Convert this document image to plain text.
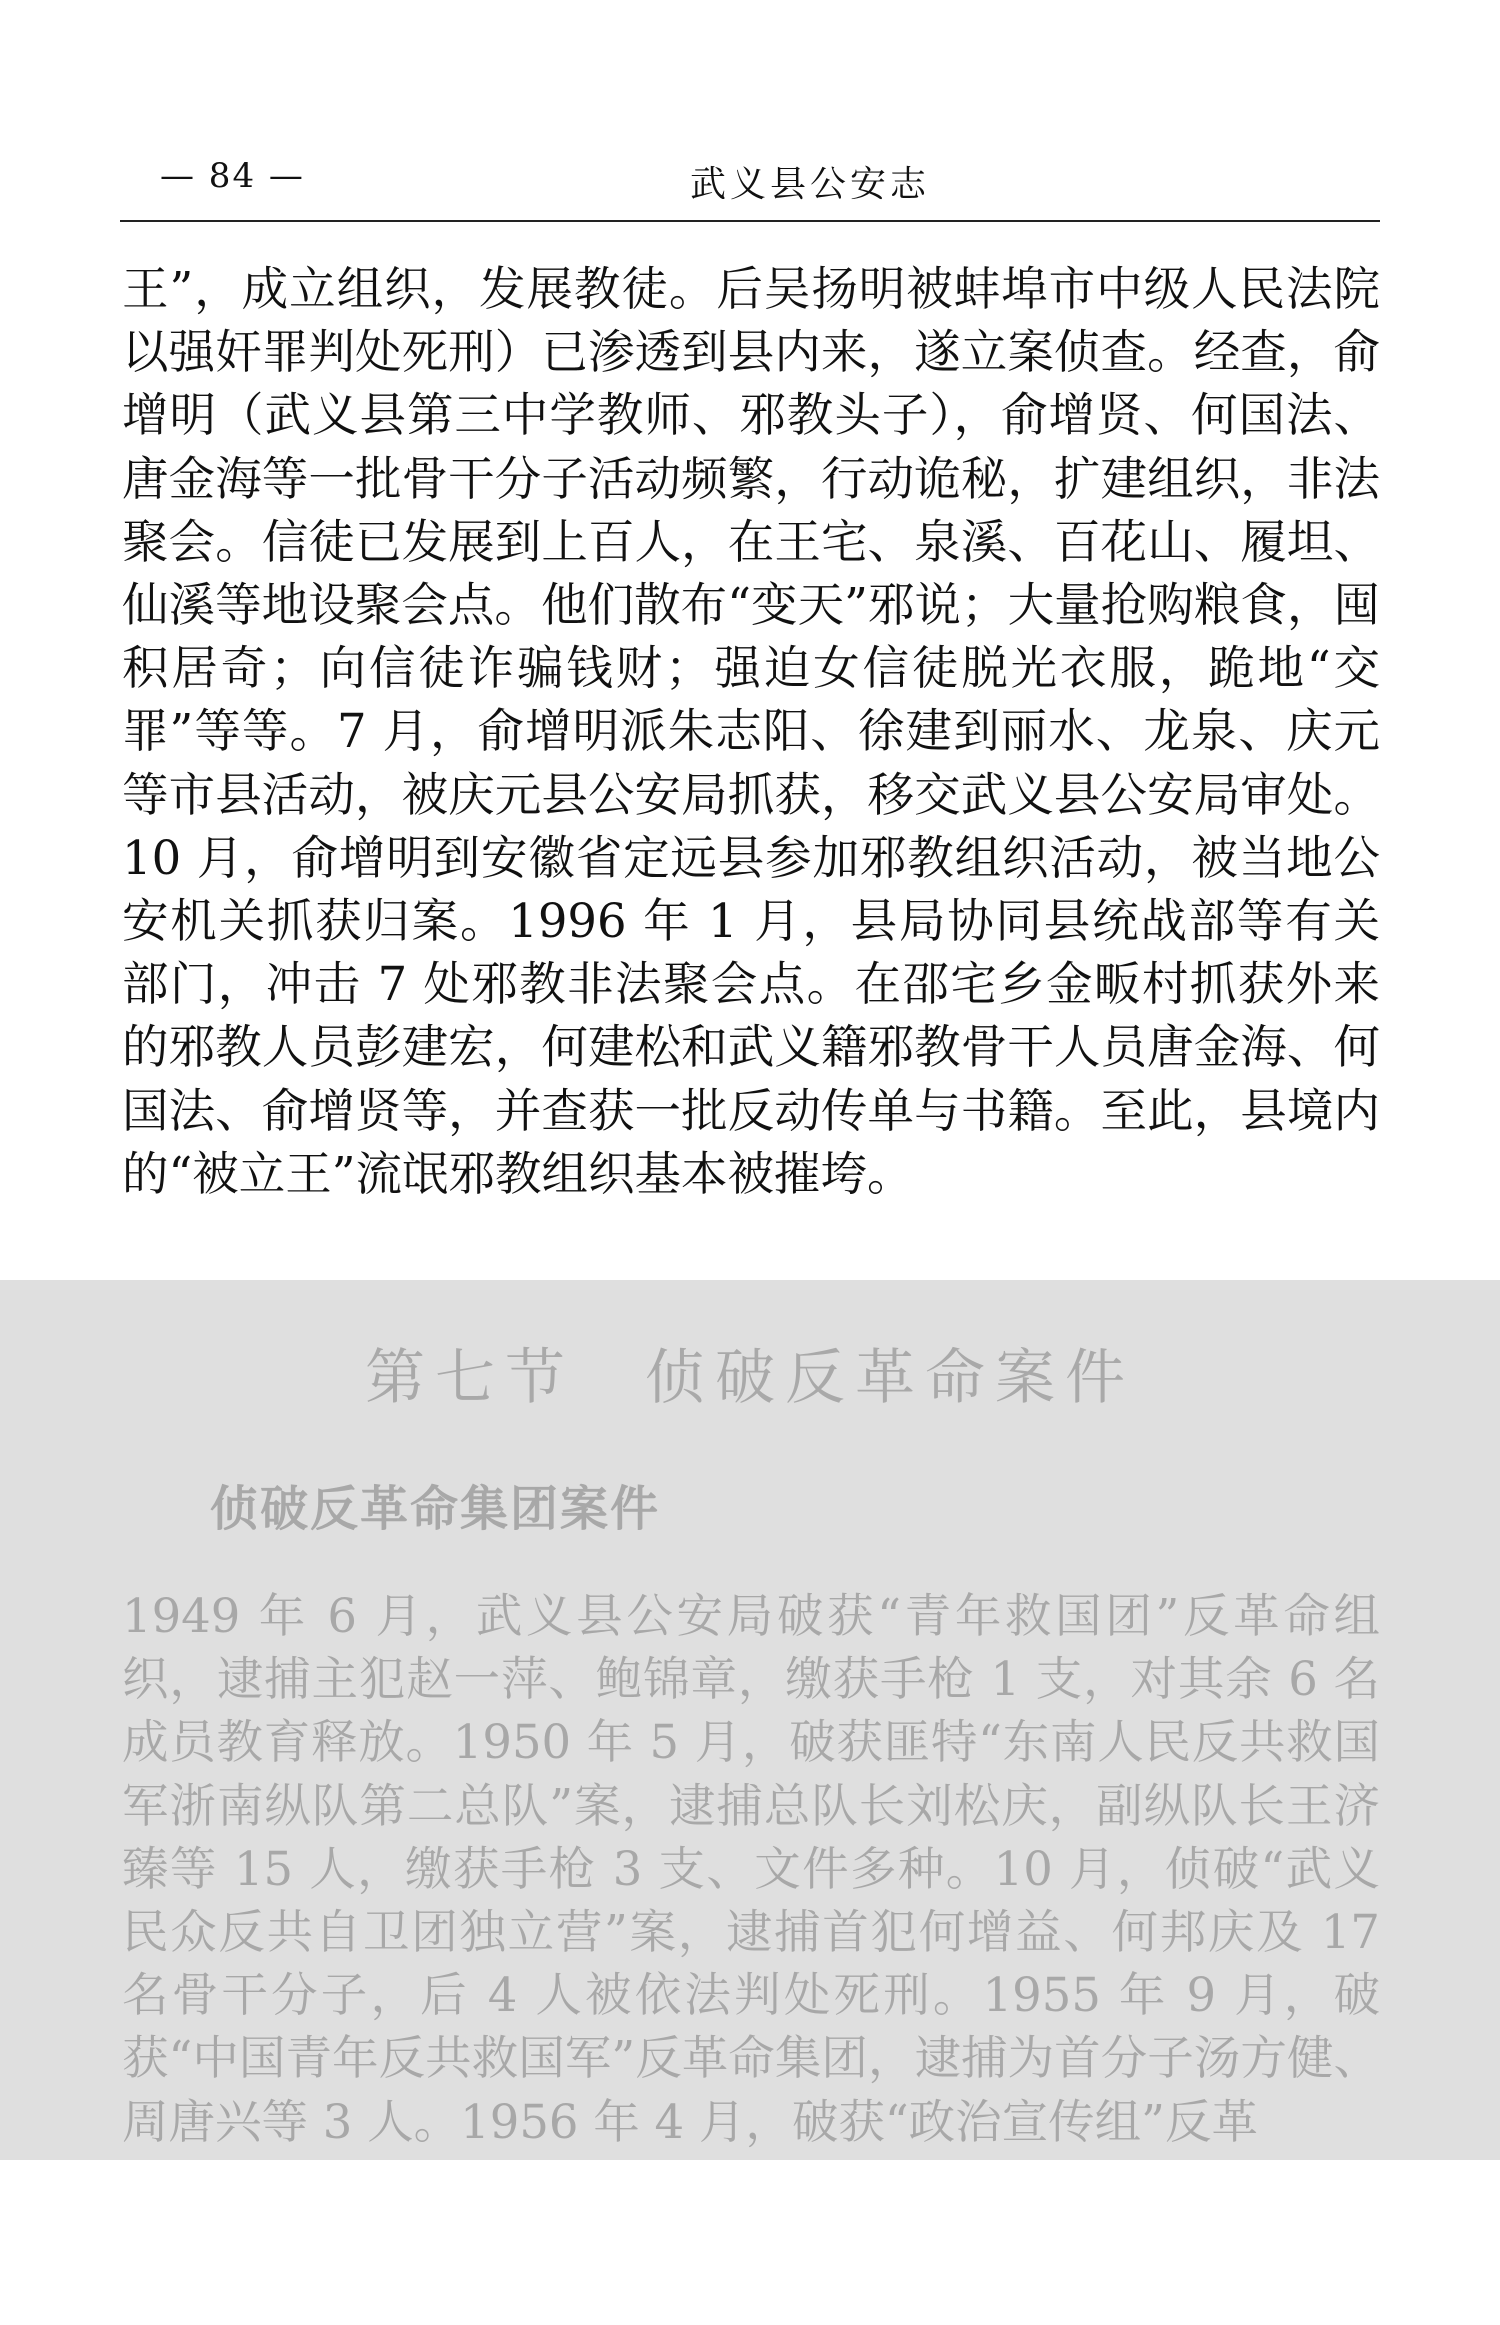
— 84 —	武义县公安志

王”，成立组织，发展教徒。后吴扬明被蚌埠市中级人民法院以强奸罪判处死刑）已渗透到县内来，遂立案侦查。经查，俞增明（武义县第三中学教师、邪教头子），俞增贤、何国法、唐金海等一批骨干分子活动频繁，行动诡秘，扩建组织，非法聚会。信徒已发展到上百人，在王宅、泉溪、百花山、履坦、仙溪等地设聚会点。他们散布“变天”邪说；大量抢购粮食，囤积居奇；向信徒诈骗钱财；强迫女信徒脱光衣服，跪地“交罪”等等。7 月，俞增明派朱志阳、徐建到丽水、龙泉、庆元等市县活动，被庆元县公安局抓获，移交武义县公安局审处。10 月，俞增明到安徽省定远县参加邪教组织活动，被当地公安机关抓获归案。1996 年 1 月，县局协同县统战部等有关部门，冲击 7 处邪教非法聚会点。在邵宅乡金畈村抓获外来的邪教人员彭建宏，何建松和武义籍邪教骨干人员唐金海、何国法、俞增贤等，并查获一批反动传单与书籍。至此，县境内的“被立王”流氓邪教组织基本被摧垮。

第七节　侦破反革命案件
侦破反革命集团案件

1949 年 6 月，武义县公安局破获“青年救国团”反革命组织，逮捕主犯赵一萍、鲍锦章，缴获手枪 1 支，对其余 6 名成员教育释放。1950 年 5 月，破获匪特“东南人民反共救国军浙南纵队第二总队”案，逮捕总队长刘松庆，副纵队长王济臻等 15 人，缴获手枪 3 支、文件多种。10 月，侦破“武义民众反共自卫团独立营”案，逮捕首犯何增益、何邦庆及 17 名骨干分子，后 4 人被依法判处死刑。1955 年 9 月，破获“中国青年反共救国军”反革命集团，逮捕为首分子汤方健、周唐兴等 3 人。1956 年 4 月，破获“政治宣传组”反革
